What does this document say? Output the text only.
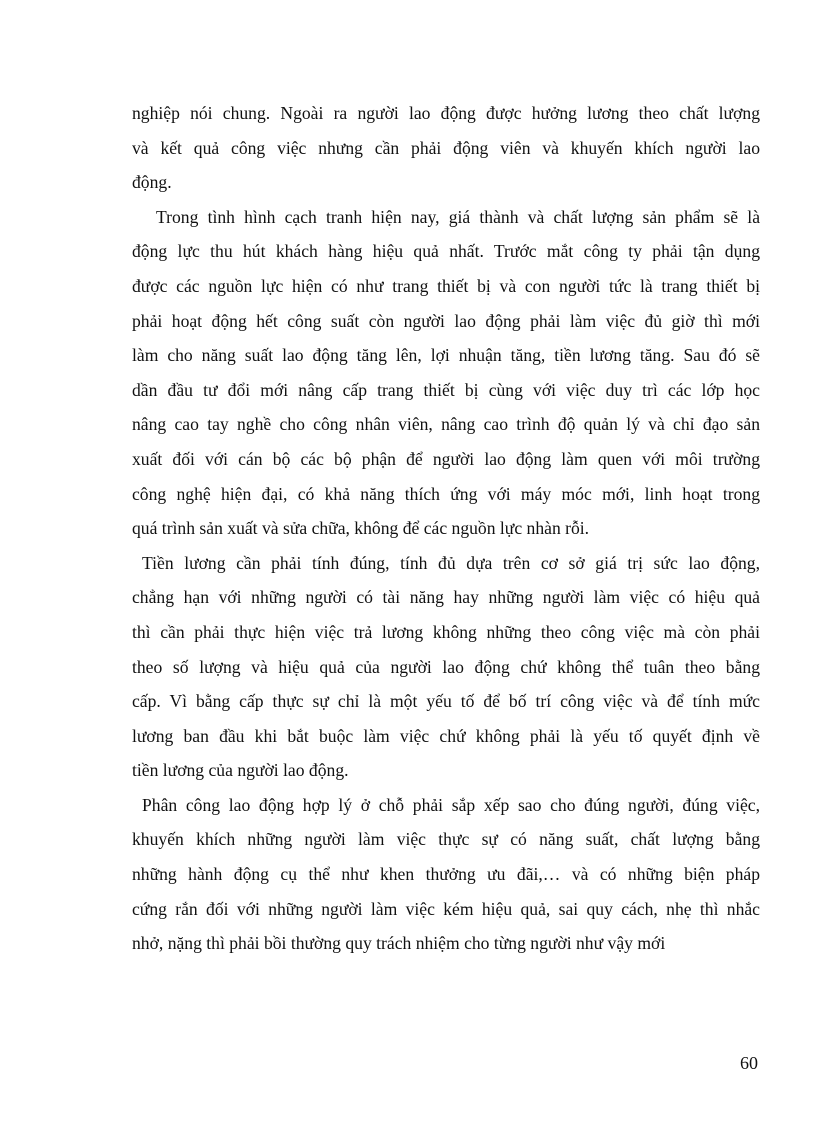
nghiệp nói chung. Ngoài ra người lao động được hưởng lương theo chất lượng
và kết quả công việc nhưng cần phải động viên và khuyến khích người lao
động.
Trong tình hình cạch tranh hiện nay, giá thành và chất lượng sản phẩm sẽ là
động lực thu hút khách hàng hiệu quả nhất. Trước mắt công ty phải tận dụng
được các nguồn lực hiện có như trang thiết bị và con người tức là trang thiết bị
phải hoạt động hết công suất còn người lao động phải làm việc đủ giờ thì mới
làm cho năng suất lao động tăng lên, lợi nhuận tăng, tiền lương tăng. Sau đó sẽ
dần đầu tư đổi mới nâng cấp trang thiết bị cùng với việc duy trì các lớp học
nâng cao tay nghề cho công nhân viên, nâng cao trình độ quản lý và chỉ đạo sản
xuất đối với cán bộ các bộ phận để người lao động làm quen với môi trường
công nghệ hiện đại, có khả năng thích ứng với máy móc mới, linh hoạt trong
quá trình sản xuất và sửa chữa, không để các nguồn lực nhàn rỗi.
Tiền lương cần phải tính đúng, tính đủ dựa trên cơ sở giá trị sức lao động,
chẳng hạn với những người có tài năng hay những người làm việc có hiệu quả
thì cần phải thực hiện việc trả lương không những theo công việc mà còn phải
theo số lượng và hiệu quả của người lao động chứ không thể tuân theo bằng
cấp. Vì bằng cấp thực sự chỉ là một yếu tố để bố trí công việc và để tính mức
lương ban đầu khi bắt buộc làm việc chứ không phải là yếu tố quyết định về
tiền lương của người lao động.
Phân công lao động hợp lý ở chỗ phải sắp xếp sao cho đúng người, đúng việc,
khuyến khích những người làm việc thực sự có năng suất, chất lượng bằng
những hành động cụ thể như khen thưởng ưu đãi,… và có những biện pháp
cứng rắn đối với những người làm việc kém hiệu quả, sai quy cách, nhẹ thì nhắc
nhở, nặng thì phải bồi thường quy trách nhiệm cho từng người như vậy mới
60
